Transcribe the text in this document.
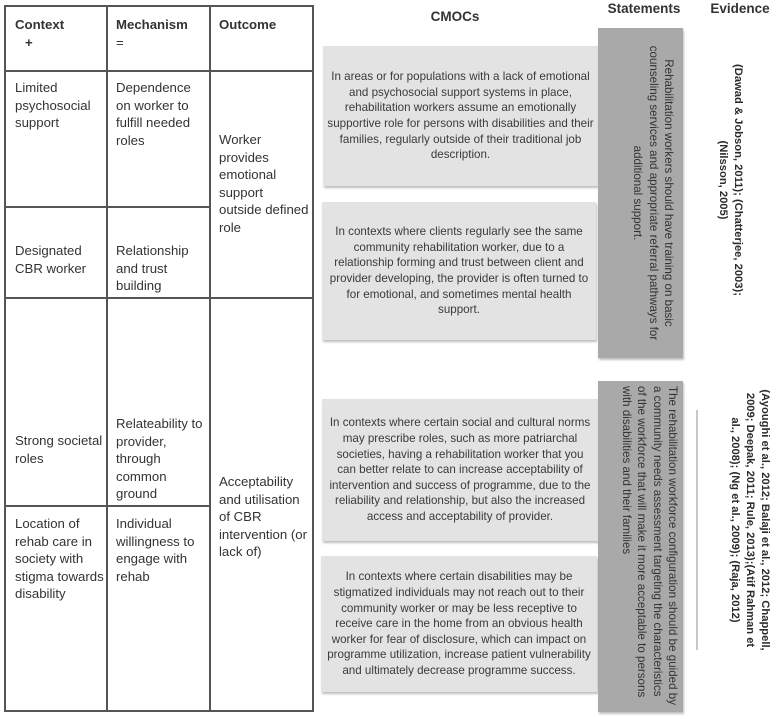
Context
+
Mechanism
=
Outcome
Limited psychosocial support
Dependence on worker to fulfill needed roles
Designated CBR worker
Relationship and trust building
Strong societal roles
Relateability to provider, through common ground
Location of rehab care in society with stigma towards disability
Individual willingness to engage with rehab
Worker provides emotional support outside defined role
Acceptability and utilisation of CBR intervention (or lack of)
CMOCs
In areas or for populations with a lack of emotional and psychosocial support systems in place, rehabilitation workers assume an emotionally supportive role for persons with disabilities and their families, regularly outside of their traditional job description.
In contexts where clients regularly see the same community rehabilitation worker, due to a relationship forming and trust between client and provider developing, the provider is often turned to for emotional, and sometimes mental health support.
In contexts where certain social and cultural norms may prescribe roles, such as more patriarchal societies, having a rehabilitation worker that you can better relate to can increase acceptability of intervention and success of programme, due to the reliability and relationship, but also the increased access and acceptability of provider.
In contexts where certain disabilities may be stigmatized individuals may not reach out to their community worker or may be less receptive to receive care in the home from an obvious health worker for fear of disclosure, which can impact on programme utilization, increase patient vulnerability and ultimately decrease programme success.
Statements
Rehabilitation workers should have training on basic counseling services and appropriate referral pathways for additional support.
The rehabilitation workforce configuration should be guided by a community needs assessment targeting the characteristics of the workforce that will make it more acceptable to persons with disabilities and their families
Evidence
(Dawad & Jobson, 2011); (Chatterjee, 2003); (Nilsson, 2005)
(Ayoughi et al., 2012; Balaji et al., 2012; Chappell, 2009; Deepak, 2011; Rule, 2013);(Atif Rahman et al., 2008); (Ng et al., 2009); (Raja, 2012)
